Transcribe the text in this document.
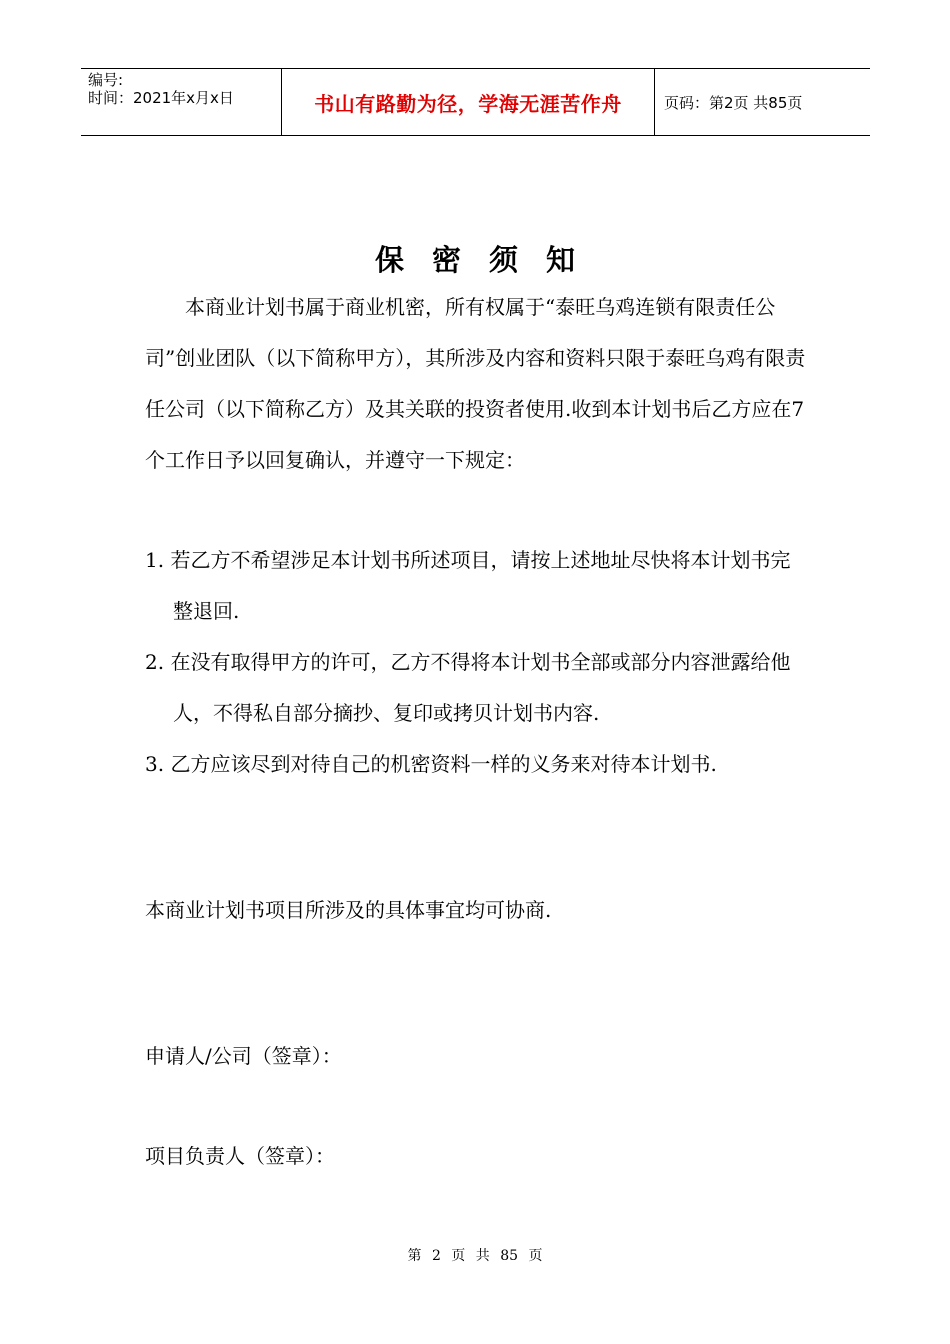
编号:
时间：2021年x月x日	书山有路勤为径，学海无涯苦作舟	页码：第2页 共85页
保 密 须 知
本商业计划书属于商业机密，所有权属于“泰旺乌鸡连锁有限责任公司”创业团队（以下简称甲方），其所涉及内容和资料只限于泰旺乌鸡有限责任公司（以下简称乙方）及其关联的投资者使用.收到本计划书后乙方应在7个工作日予以回复确认，并遵守一下规定：
1. 若乙方不希望涉足本计划书所述项目，请按上述地址尽快将本计划书完整退回.
2. 在没有取得甲方的许可，乙方不得将本计划书全部或部分内容泄露给他人，不得私自部分摘抄、复印或拷贝计划书内容.
3. 乙方应该尽到对待自己的机密资料一样的义务来对待本计划书.
本商业计划书项目所涉及的具体事宜均可协商.
申请人/公司（签章）：
项目负责人（签章）：
第 2 页 共 85 页
